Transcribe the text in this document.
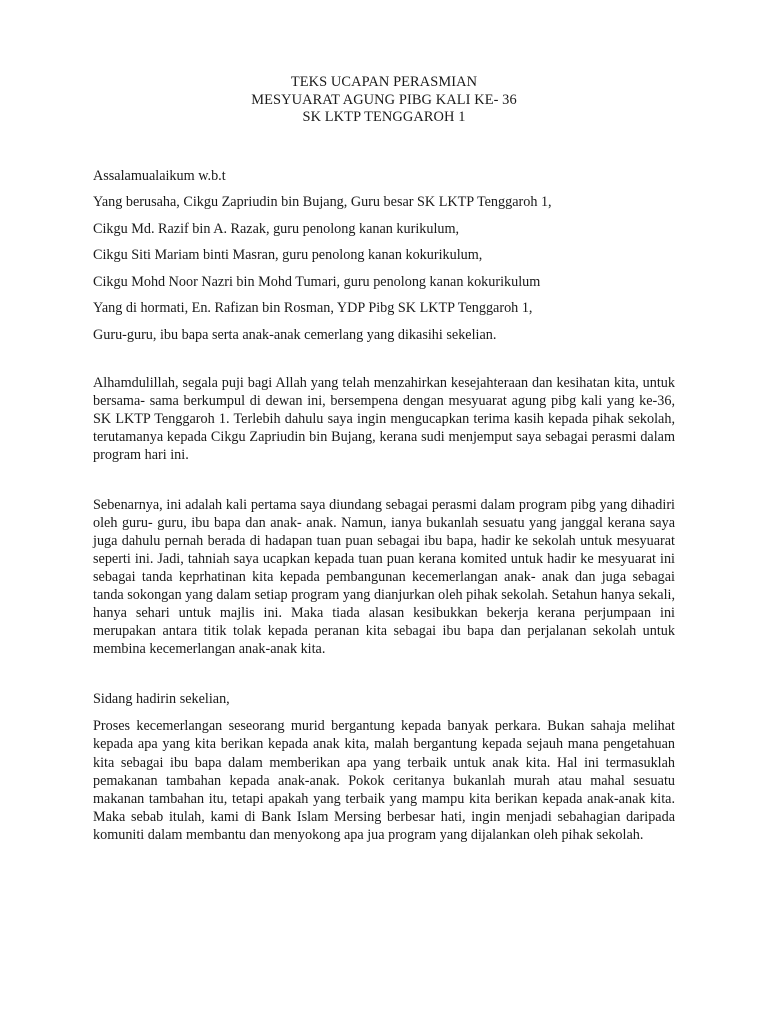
TEKS UCAPAN PERASMIAN
MESYUARAT AGUNG PIBG KALI KE- 36
SK LKTP TENGGAROH 1
Assalamualaikum w.b.t
Yang berusaha, Cikgu Zapriudin bin Bujang, Guru besar SK LKTP Tenggaroh 1,
Cikgu Md. Razif bin A. Razak, guru penolong kanan kurikulum,
Cikgu Siti Mariam binti Masran, guru penolong kanan kokurikulum,
Cikgu Mohd Noor Nazri bin Mohd Tumari, guru penolong kanan kokurikulum
Yang di hormati, En. Rafizan bin Rosman, YDP Pibg SK LKTP Tenggaroh 1,
Guru-guru, ibu bapa serta anak-anak cemerlang yang dikasihi sekelian.

Alhamdulillah, segala puji bagi Allah yang telah menzahirkan kesejahteraan dan kesihatan kita, untuk bersama- sama berkumpul di dewan ini, bersempena dengan mesyuarat agung pibg kali yang ke-36, SK LKTP Tenggaroh 1. Terlebih dahulu saya ingin mengucapkan terima kasih kepada pihak sekolah, terutamanya kepada Cikgu Zapriudin bin Bujang, kerana sudi menjemput saya sebagai perasmi dalam program hari ini.

Sebenarnya, ini adalah kali pertama saya diundang sebagai perasmi dalam program pibg yang dihadiri oleh guru- guru, ibu bapa dan anak- anak. Namun, ianya bukanlah sesuatu yang janggal kerana saya juga dahulu pernah berada di hadapan tuan puan sebagai ibu bapa, hadir ke sekolah untuk mesyuarat seperti ini. Jadi, tahniah saya ucapkan kepada tuan puan kerana komited untuk hadir ke mesyuarat ini sebagai tanda keprhatinan kita kepada pembangunan kecemerlangan anak- anak dan juga sebagai tanda sokongan yang dalam setiap program yang dianjurkan oleh pihak sekolah. Setahun hanya sekali, hanya sehari untuk majlis ini. Maka tiada alasan kesibukkan bekerja kerana perjumpaan ini merupakan antara titik tolak kepada peranan kita sebagai ibu bapa dan perjalanan sekolah untuk membina kecemerlangan anak-anak kita.

Sidang hadirin sekelian,

Proses kecemerlangan seseorang murid bergantung kepada banyak perkara. Bukan sahaja melihat kepada apa yang kita berikan kepada anak kita, malah bergantung kepada sejauh mana pengetahuan kita sebagai ibu bapa dalam memberikan apa yang terbaik untuk anak kita. Hal ini termasuklah pemakanan tambahan kepada anak-anak. Pokok ceritanya bukanlah murah atau mahal sesuatu makanan tambahan itu, tetapi apakah yang terbaik yang mampu kita berikan kepada anak-anak kita. Maka sebab itulah, kami di Bank Islam Mersing berbesar hati, ingin menjadi sebahagian daripada komuniti dalam membantu dan menyokong apa jua program yang dijalankan oleh pihak sekolah.
